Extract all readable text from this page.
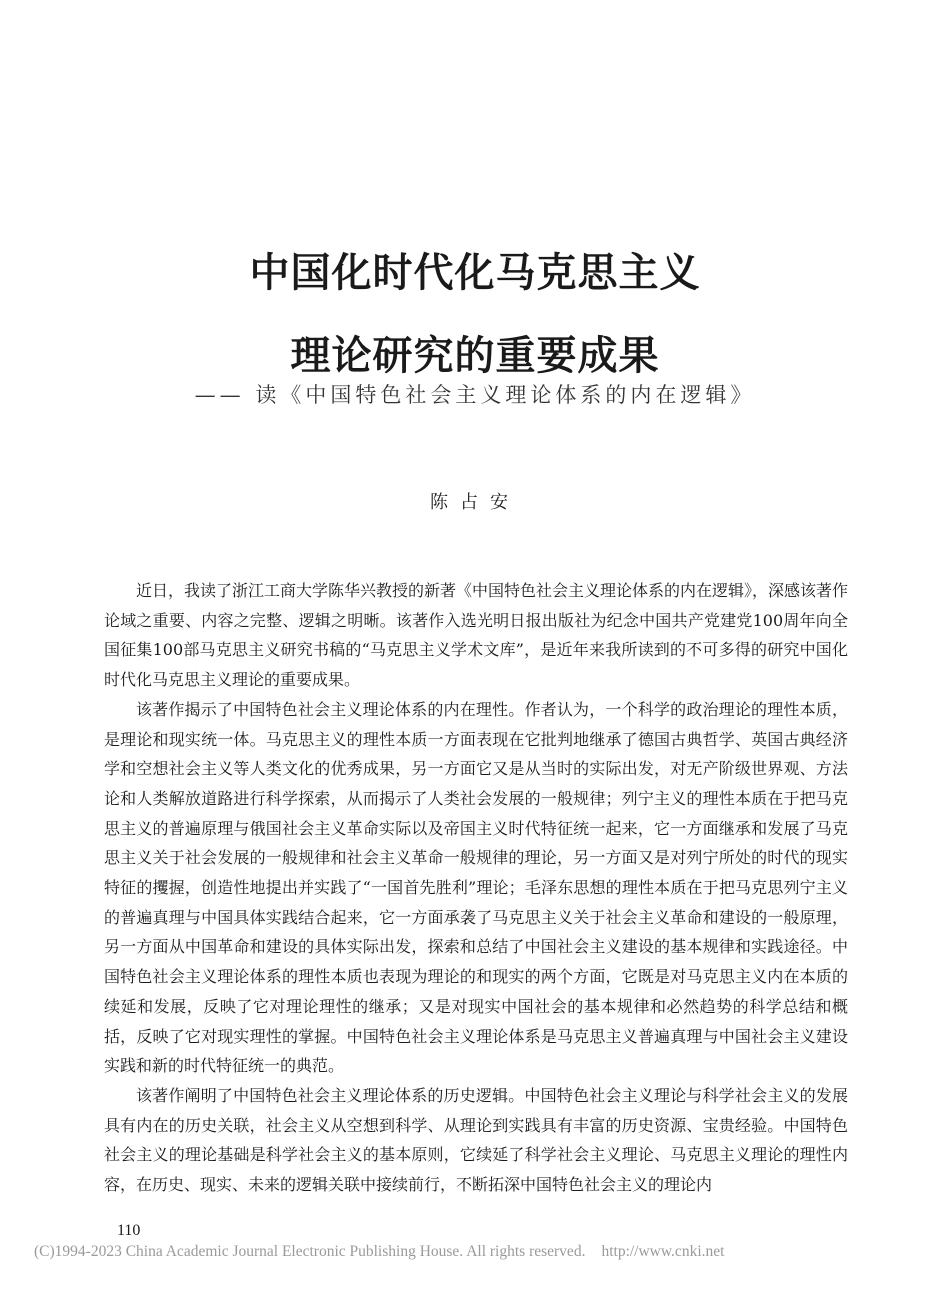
中国化时代化马克思主义
理论研究的重要成果
—— 读《中国特色社会主义理论体系的内在逻辑》
陈占安

近日，我读了浙江工商大学陈华兴教授的新著《中国特色社会主义理论体系的内在逻辑》，深感该著作论域之重要、内容之完整、逻辑之明晰。该著作入选光明日报出版社为纪念中国共产党建党100周年向全国征集100部马克思主义研究书稿的“马克思主义学术文库”，是近年来我所读到的不可多得的研究中国化时代化马克思主义理论的重要成果。

该著作揭示了中国特色社会主义理论体系的内在理性。作者认为，一个科学的政治理论的理性本质，是理论和现实统一体。马克思主义的理性本质一方面表现在它批判地继承了德国古典哲学、英国古典经济学和空想社会主义等人类文化的优秀成果，另一方面它又是从当时的实际出发，对无产阶级世界观、方法论和人类解放道路进行科学探索，从而揭示了人类社会发展的一般规律；列宁主义的理性本质在于把马克思主义的普遍原理与俄国社会主义革命实际以及帝国主义时代特征统一起来，它一方面继承和发展了马克思主义关于社会发展的一般规律和社会主义革命一般规律的理论，另一方面又是对列宁所处的时代的现实特征的攫握，创造性地提出并实践了“一国首先胜利”理论；毛泽东思想的理性本质在于把马克思列宁主义的普遍真理与中国具体实践结合起来，它一方面承袭了马克思主义关于社会主义革命和建设的一般原理，另一方面从中国革命和建设的具体实际出发，探索和总结了中国社会主义建设的基本规律和实践途径。中国特色社会主义理论体系的理性本质也表现为理论的和现实的两个方面，它既是对马克思主义内在本质的续延和发展，反映了它对理论理性的继承；又是对现实中国社会的基本规律和必然趋势的科学总结和概括，反映了它对现实理性的掌握。中国特色社会主义理论体系是马克思主义普遍真理与中国社会主义建设实践和新的时代特征统一的典范。

该著作阐明了中国特色社会主义理论体系的历史逻辑。中国特色社会主义理论与科学社会主义的发展具有内在的历史关联，社会主义从空想到科学、从理论到实践具有丰富的历史资源、宝贵经验。中国特色社会主义的理论基础是科学社会主义的基本原则，它续延了科学社会主义理论、马克思主义理论的理性内容，在历史、现实、未来的逻辑关联中接续前行，不断拓深中国特色社会主义的理论内

110
(C)1994-2023 China Academic Journal Electronic Publishing House. All rights reserved. http://www.cnki.net
